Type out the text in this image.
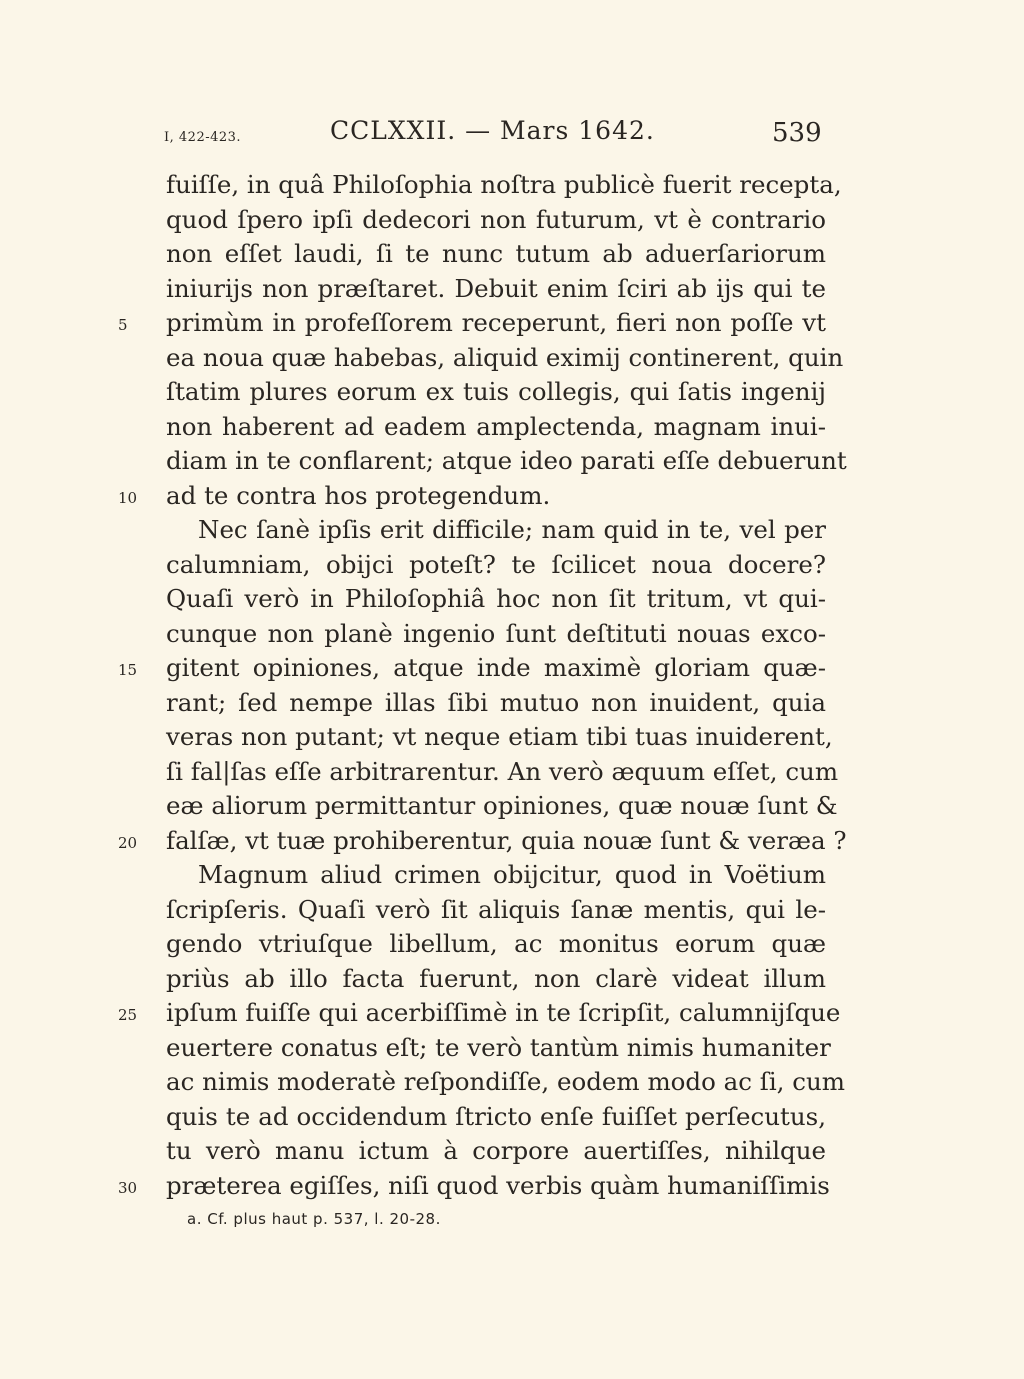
I, 422-423.	CCLXXII. — Mars 1642.	539
fuiſſe, in quâ Philoſophia noſtra publicè fuerit recepta,
quod ſpero ipſi dedecori non futurum, vt è contrario
non eſſet laudi, ſi te nunc tutum ab aduerſariorum
iniurijs non præſtaret. Debuit enim ſciri ab ijs qui te
5 primùm in profeſſorem receperunt, fieri non poſſe vt
ea noua quæ habebas, aliquid eximij continerent, quin
ſtatim plures eorum ex tuis collegis, qui ſatis ingenij
non haberent ad eadem amplectenda, magnam inui-
diam in te conflarent; atque ideo parati eſſe debuerunt
10 ad te contra hos protegendum.
Nec ſanè ipſis erit difficile; nam quid in te, vel per
calumniam, obijci poteſt? te ſcilicet noua docere?
Quaſi verò in Philoſophiâ hoc non ſit tritum, vt qui-
cunque non planè ingenio ſunt deſtituti nouas exco-
15 gitent opiniones, atque inde maximè gloriam quæ-
rant; ſed nempe illas ſibi mutuo non inuident, quia
veras non putant; vt neque etiam tibi tuas inuiderent,
ſi fal|ſas eſſe arbitrarentur. An verò æquum eſſet, cum
eæ aliorum permittantur opiniones, quæ nouæ ſunt &
20 falſæ, vt tuæ prohiberentur, quia nouæ ſunt & veræa ?
Magnum aliud crimen obijcitur, quod in Voëtium
ſcripſeris. Quaſi verò ſit aliquis ſanæ mentis, qui le-
gendo vtriuſque libellum, ac monitus eorum quæ
priùs ab illo facta fuerunt, non clarè videat illum
25 ipſum fuiſſe qui acerbiſſimè in te ſcripſit, calumnijſque
euertere conatus eſt; te verò tantùm nimis humaniter
ac nimis moderatè reſpondiſſe, eodem modo ac ſi, cum
quis te ad occidendum ſtricto enſe fuiſſet perſecutus,
tu verò manu ictum à corpore auertiſſes, nihilque
30 præterea egiſſes, niſi quod verbis quàm humaniſſimis
a. Cf. plus haut p. 537, l. 20-28.
